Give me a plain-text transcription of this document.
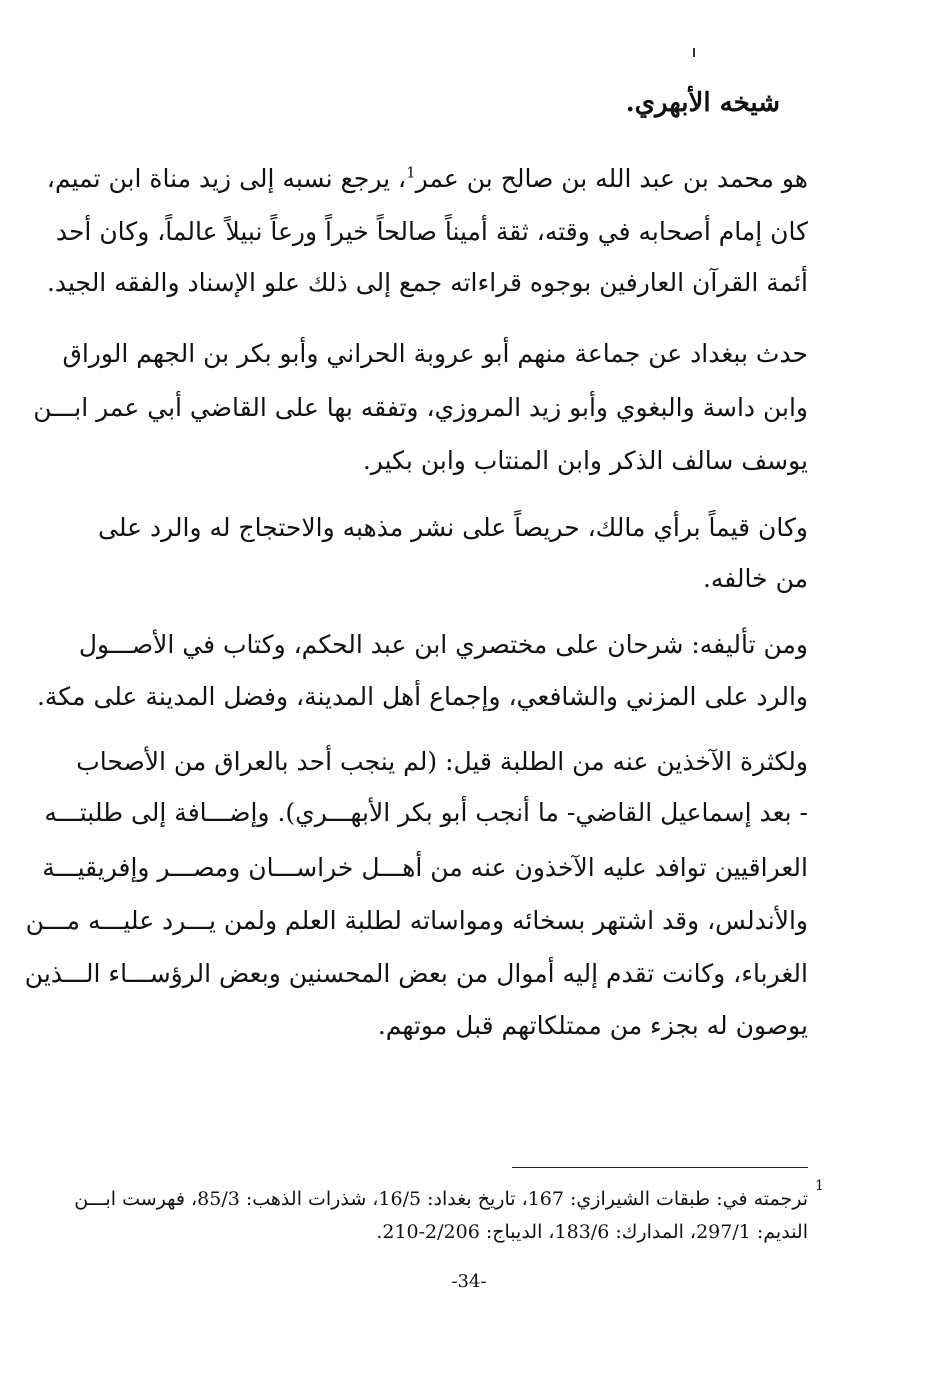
شيخه الأبهري.
هو محمد بن عبد الله بن صالح بن عمر$^1$، يرجع نسبه إلى زيد مناة ابن تميم،
كان إمام أصحابه في وقته، ثقة أميناً صالحاً خيراً ورعاً نبيلاً عالماً، وكان أحد
أئمة القرآن العارفين بوجوه قراءاته جمع إلى ذلك علو الإسناد والفقه الجيد.
حدث ببغداد عن جماعة منهم أبو عروبة الحراني وأبو بكر بن الجهم الوراق
وابن داسة والبغوي وأبو زيد المروزي، وتفقه بها على القاضي أبي عمر ابـــن
يوسف سالف الذكر وابن المنتاب وابن بكير.
وكان قيماً برأي مالك، حريصاً على نشر مذهبه والاحتجاج له والرد على
من خالفه.
ومن تأليفه: شرحان على مختصري ابن عبد الحكم، وكتاب في الأصـــول
والرد على المزني والشافعي، وإجماع أهل المدينة، وفضل المدينة على مكة.
ولكثرة الآخذين عنه من الطلبة قيل: (لم ينجب أحد بالعراق من الأصحاب
- بعد إسماعيل القاضي- ما أنجب أبو بكر الأبهـــري). وإضـــافة إلى طلبتـــه
العراقيين توافد عليه الآخذون عنه من أهـــل خراســـان ومصـــر وإفريقيـــة
والأندلس، وقد اشتهر بسخائه ومواساته لطلبة العلم ولمن يـــرد عليـــه مـــن
الغرباء، وكانت تقدم إليه أموال من بعض المحسنين وبعض الرؤســـاء الـــذين
يوصون له بجزء من ممتلكاتهم قبل موتهم.
1
ترجمته في: طبقات الشيرازي: 167، تاريخ بغداد: 16/5، شذرات الذهب: 85/3، فهرست ابـــن
النديم: 297/1، المدارك: 183/6، الديباج: 2/206-210.
-34-
